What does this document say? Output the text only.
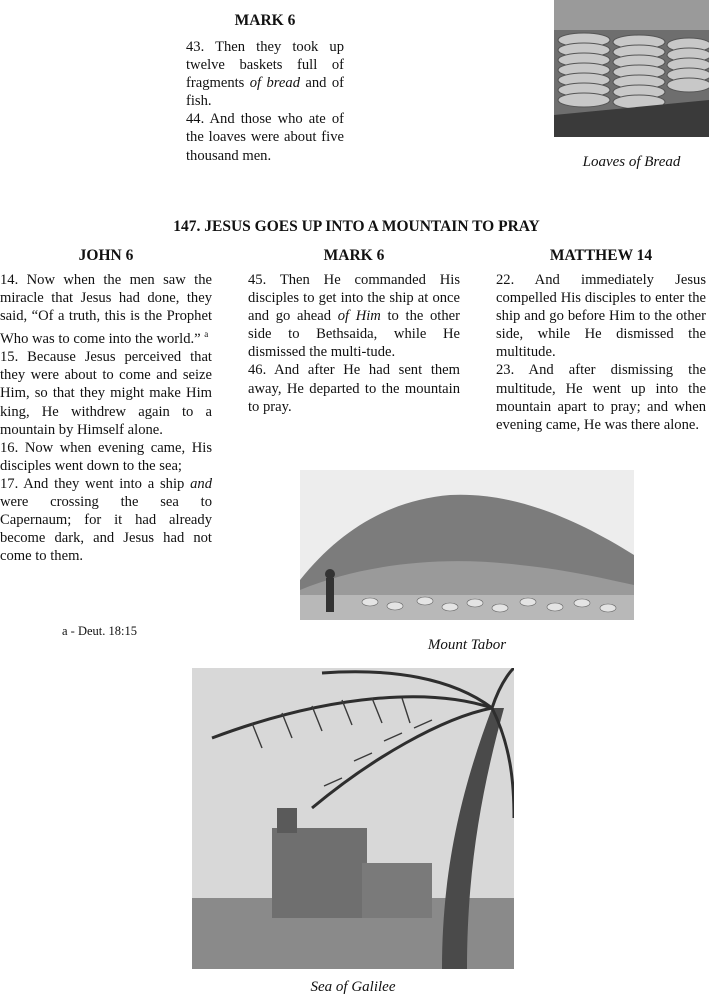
MARK 6

43. Then they took up twelve baskets full of fragments of bread and of fish.

44. And those who ate of the loaves were about five thousand men.	Loaves of Bread
147. JESUS GOES UP INTO A MOUNTAIN TO PRAY
JOHN 6	MARK 6	MATTHEW 14

14. Now when the men saw the miracle that Jesus had done, they said, “Of a truth, this is the Prophet Who was to come into the world.” $^a$

15. Because Jesus perceived that they were about to come and seize Him, so that they might make Him king, He withdrew again to a mountain by Himself alone.

16. Now when evening came, His disciples went down to the sea;

17. And they went into a ship and were crossing the sea to Capernaum; for it had already become dark, and Jesus had not come to them.

a - Deut. 18:15

45. Then He commanded His disciples to get into the ship at once and go ahead of Him to the other side to Bethsaida, while He dismissed the multi-tude.

46. And after He had sent them away, He departed to the mountain to pray.

22. And immediately Jesus compelled His disciples to enter the ship and go before Him to the other side, while He dismissed the multitude.

23. And after dismissing the multitude, He went up into the mountain apart to pray; and when evening came, He was there alone.

Mount Tabor
Sea of Galilee
